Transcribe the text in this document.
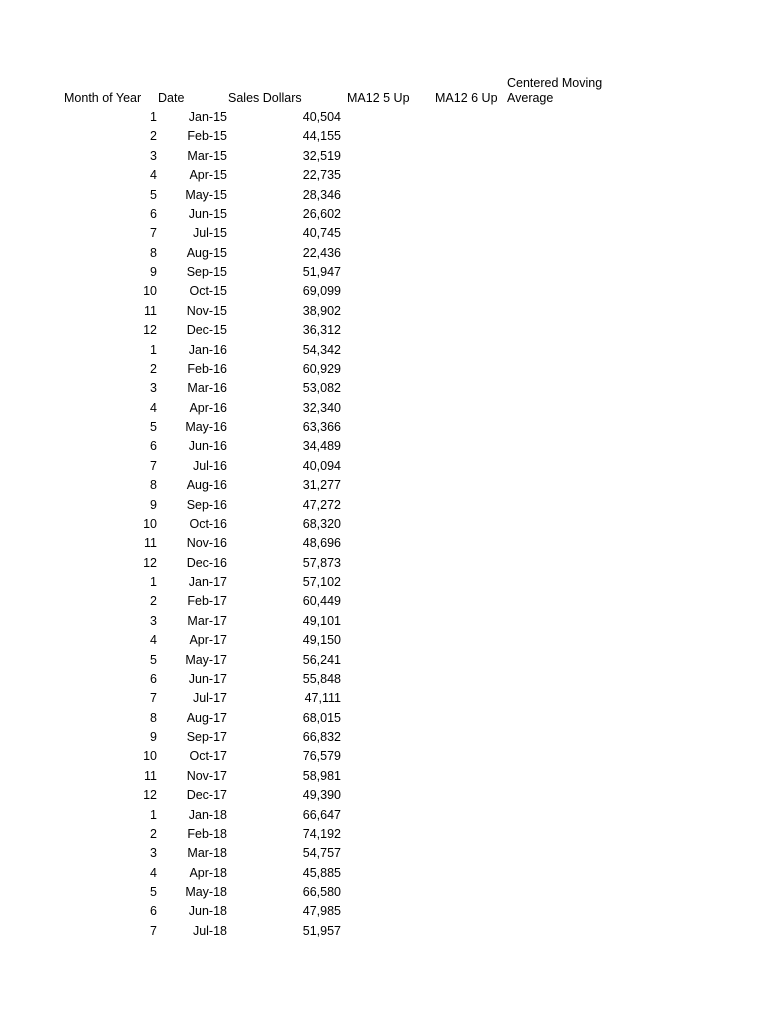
Month of Year Date	Sales Dollars	MA12 5 Up MA12 6 Up
Centered Moving
Average
1	Jan-15	40,504
2	Feb-15	44,155
3	Mar-15	32,519
4	Apr-15	22,735
5	May-15	28,346
6	Jun-15	26,602
7	Jul-15	40,745
8	Aug-15	22,436
9	Sep-15	51,947
10	Oct-15	69,099
11	Nov-15	38,902
12	Dec-15	36,312
1	Jan-16	54,342
2	Feb-16	60,929
3	Mar-16	53,082
4	Apr-16	32,340
5	May-16	63,366
6	Jun-16	34,489
7	Jul-16	40,094
8	Aug-16	31,277
9	Sep-16	47,272
10	Oct-16	68,320
11	Nov-16	48,696
12	Dec-16	57,873
1	Jan-17	57,102
2	Feb-17	60,449
3	Mar-17	49,101
4	Apr-17	49,150
5	May-17	56,241
6	Jun-17	55,848
7	Jul-17	47,111
8	Aug-17	68,015
9	Sep-17	66,832
10	Oct-17	76,579
11	Nov-17	58,981
12	Dec-17	49,390
1	Jan-18	66,647
2	Feb-18	74,192
3	Mar-18	54,757
4	Apr-18	45,885
5	May-18	66,580
6	Jun-18	47,985
7	Jul-18	51,957
